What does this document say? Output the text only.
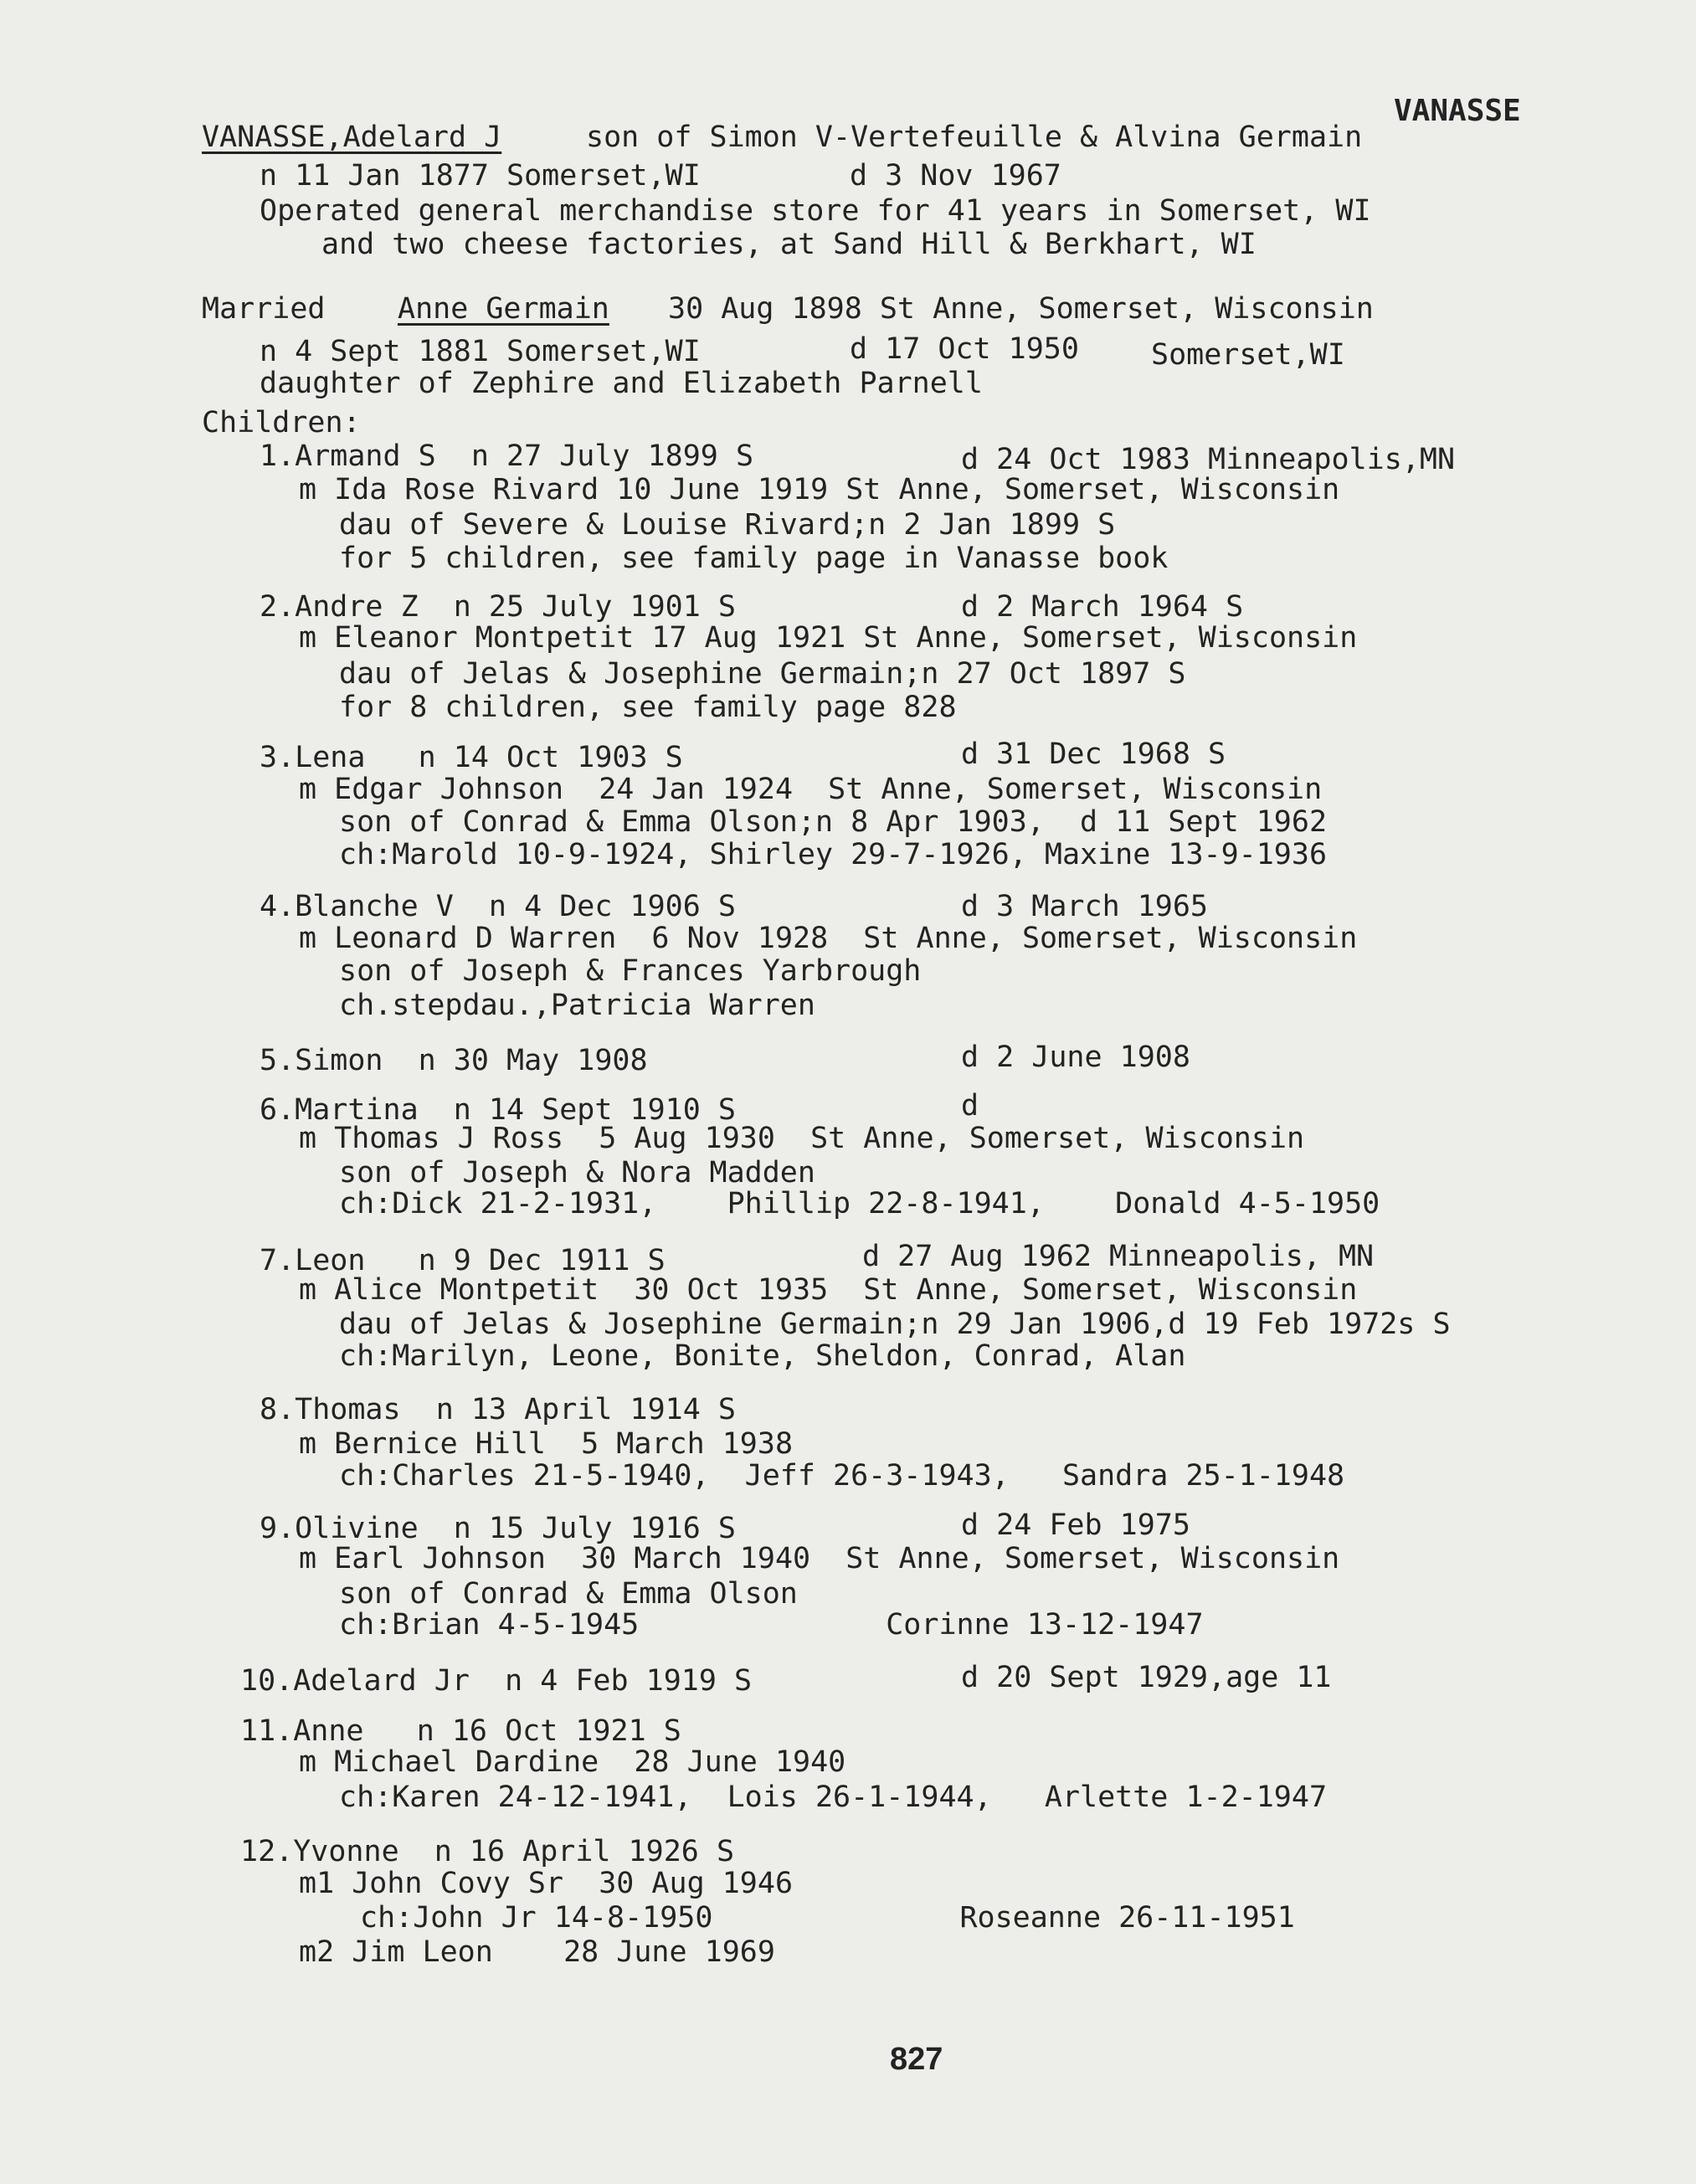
VANASSE
VANASSE,Adelard J	son of Simon V-Vertefeuille & Alvina Germain
n 11 Jan 1877 Somerset,WI	d 3 Nov 1967
Operated general merchandise store for 41 years in Somerset, WI
and two cheese factories, at Sand Hill & Berkhart, WI
Married Anne Germain 30 Aug 1898 St Anne, Somerset, Wisconsin
n 4 Sept 1881 Somerset,WI	d 17 Oct 1950 Somerset,WI
daughter of Zephire and Elizabeth Parnell
Children:
1.Armand S  n 27 July 1899 S	d 24 Oct 1983 Minneapolis,MN
m Ida Rose Rivard 10 June 1919 St Anne, Somerset, Wisconsin
dau of Severe & Louise Rivard;n 2 Jan 1899 S
for 5 children, see family page in Vanasse book
2.Andre Z  n 25 July 1901 S	d 2 March 1964 S
m Eleanor Montpetit 17 Aug 1921 St Anne, Somerset, Wisconsin
dau of Jelas & Josephine Germain;n 27 Oct 1897 S
for 8 children, see family page 828
3.Lena   n 14 Oct 1903 S	d 31 Dec 1968 S
m Edgar Johnson  24 Jan 1924  St Anne, Somerset, Wisconsin
son of Conrad & Emma Olson;n 8 Apr 1903,  d 11 Sept 1962
ch:Marold 10-9-1924, Shirley 29-7-1926, Maxine 13-9-1936
4.Blanche V  n 4 Dec 1906 S	d 3 March 1965
m Leonard D Warren  6 Nov 1928  St Anne, Somerset, Wisconsin
son of Joseph & Frances Yarbrough
ch.stepdau.,Patricia Warren
5.Simon  n 30 May 1908	d 2 June 1908
6.Martina  n 14 Sept 1910 S	d
m Thomas J Ross  5 Aug 1930  St Anne, Somerset, Wisconsin
son of Joseph & Nora Madden
ch:Dick 21-2-1931,    Phillip 22-8-1941,    Donald 4-5-1950
7.Leon   n 9 Dec 1911 S	d 27 Aug 1962 Minneapolis, MN
m Alice Montpetit  30 Oct 1935  St Anne, Somerset, Wisconsin
dau of Jelas & Josephine Germain;n 29 Jan 1906,d 19 Feb 1972s S
ch:Marilyn, Leone, Bonite, Sheldon, Conrad, Alan
8.Thomas  n 13 April 1914 S
m Bernice Hill  5 March 1938
ch:Charles 21-5-1940,  Jeff 26-3-1943,   Sandra 25-1-1948
9.Olivine  n 15 July 1916 S	d 24 Feb 1975
m Earl Johnson  30 March 1940  St Anne, Somerset, Wisconsin
son of Conrad & Emma Olson
ch:Brian 4-5-1945              Corinne 13-12-1947
10.Adelard Jr  n 4 Feb 1919 S	d 20 Sept 1929,age 11
11.Anne   n 16 Oct 1921 S
m Michael Dardine  28 June 1940
ch:Karen 24-12-1941,  Lois 26-1-1944,   Arlette 1-2-1947
12.Yvonne  n 16 April 1926 S
m1 John Covy Sr  30 Aug 1946
ch:John Jr 14-8-1950              Roseanne 26-11-1951
m2 Jim Leon    28 June 1969
827
